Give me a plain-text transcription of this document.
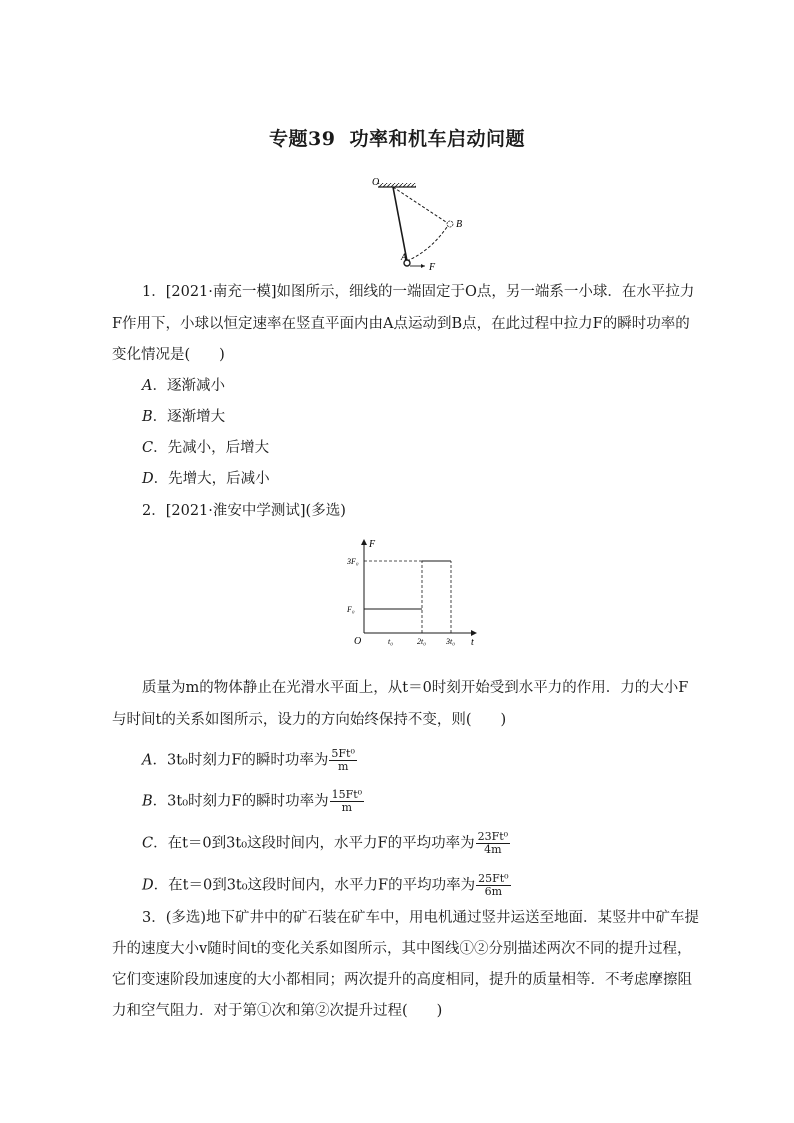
专题39 功率和机车启动问题
O
B
A
F
1．[2021·南充一模]如图所示，细线的一端固定于O点，另一端系一小球．在水平拉力
F作用下，小球以恒定速率在竖直平面内由A点运动到B点，在此过程中拉力F的瞬时功率的
变化情况是(　　)
A．逐渐减小
B．逐渐增大
C．先减小，后增大
D．先增大，后减小
2．[2021·淮安中学测试](多选)
F
t
O
F₀
3F₀
t₀	2t₀ 3t₀
质量为m的物体静止在光滑水平面上，从t＝0时刻开始受到水平力的作用．力的大小F
与时间t的关系如图所示，设力的方向始终保持不变，则(　　)
A．3t₀时刻力F的瞬时功率为 $\frac{\text{5Ft⁰}}{m}$
B．3t₀时刻力F的瞬时功率为 $\frac{\text{15Ft⁰}}{m}$
C．在t＝0到3t₀这段时间内，水平力F的平均功率为 $\frac{\text{23Ft⁰}}{4m}$
D．在t＝0到3t₀这段时间内，水平力F的平均功率为 $\frac{\text{25Ft⁰}}{6m}$
3．(多选)地下矿井中的矿石装在矿车中，用电机通过竖井运送至地面．某竖井中矿车提
升的速度大小v随时间t的变化关系如图所示，其中图线①②分别描述两次不同的提升过程，
它们变速阶段加速度的大小都相同；两次提升的高度相同，提升的质量相等．不考虑摩擦阻
力和空气阻力．对于第①次和第②次提升过程(　　)
